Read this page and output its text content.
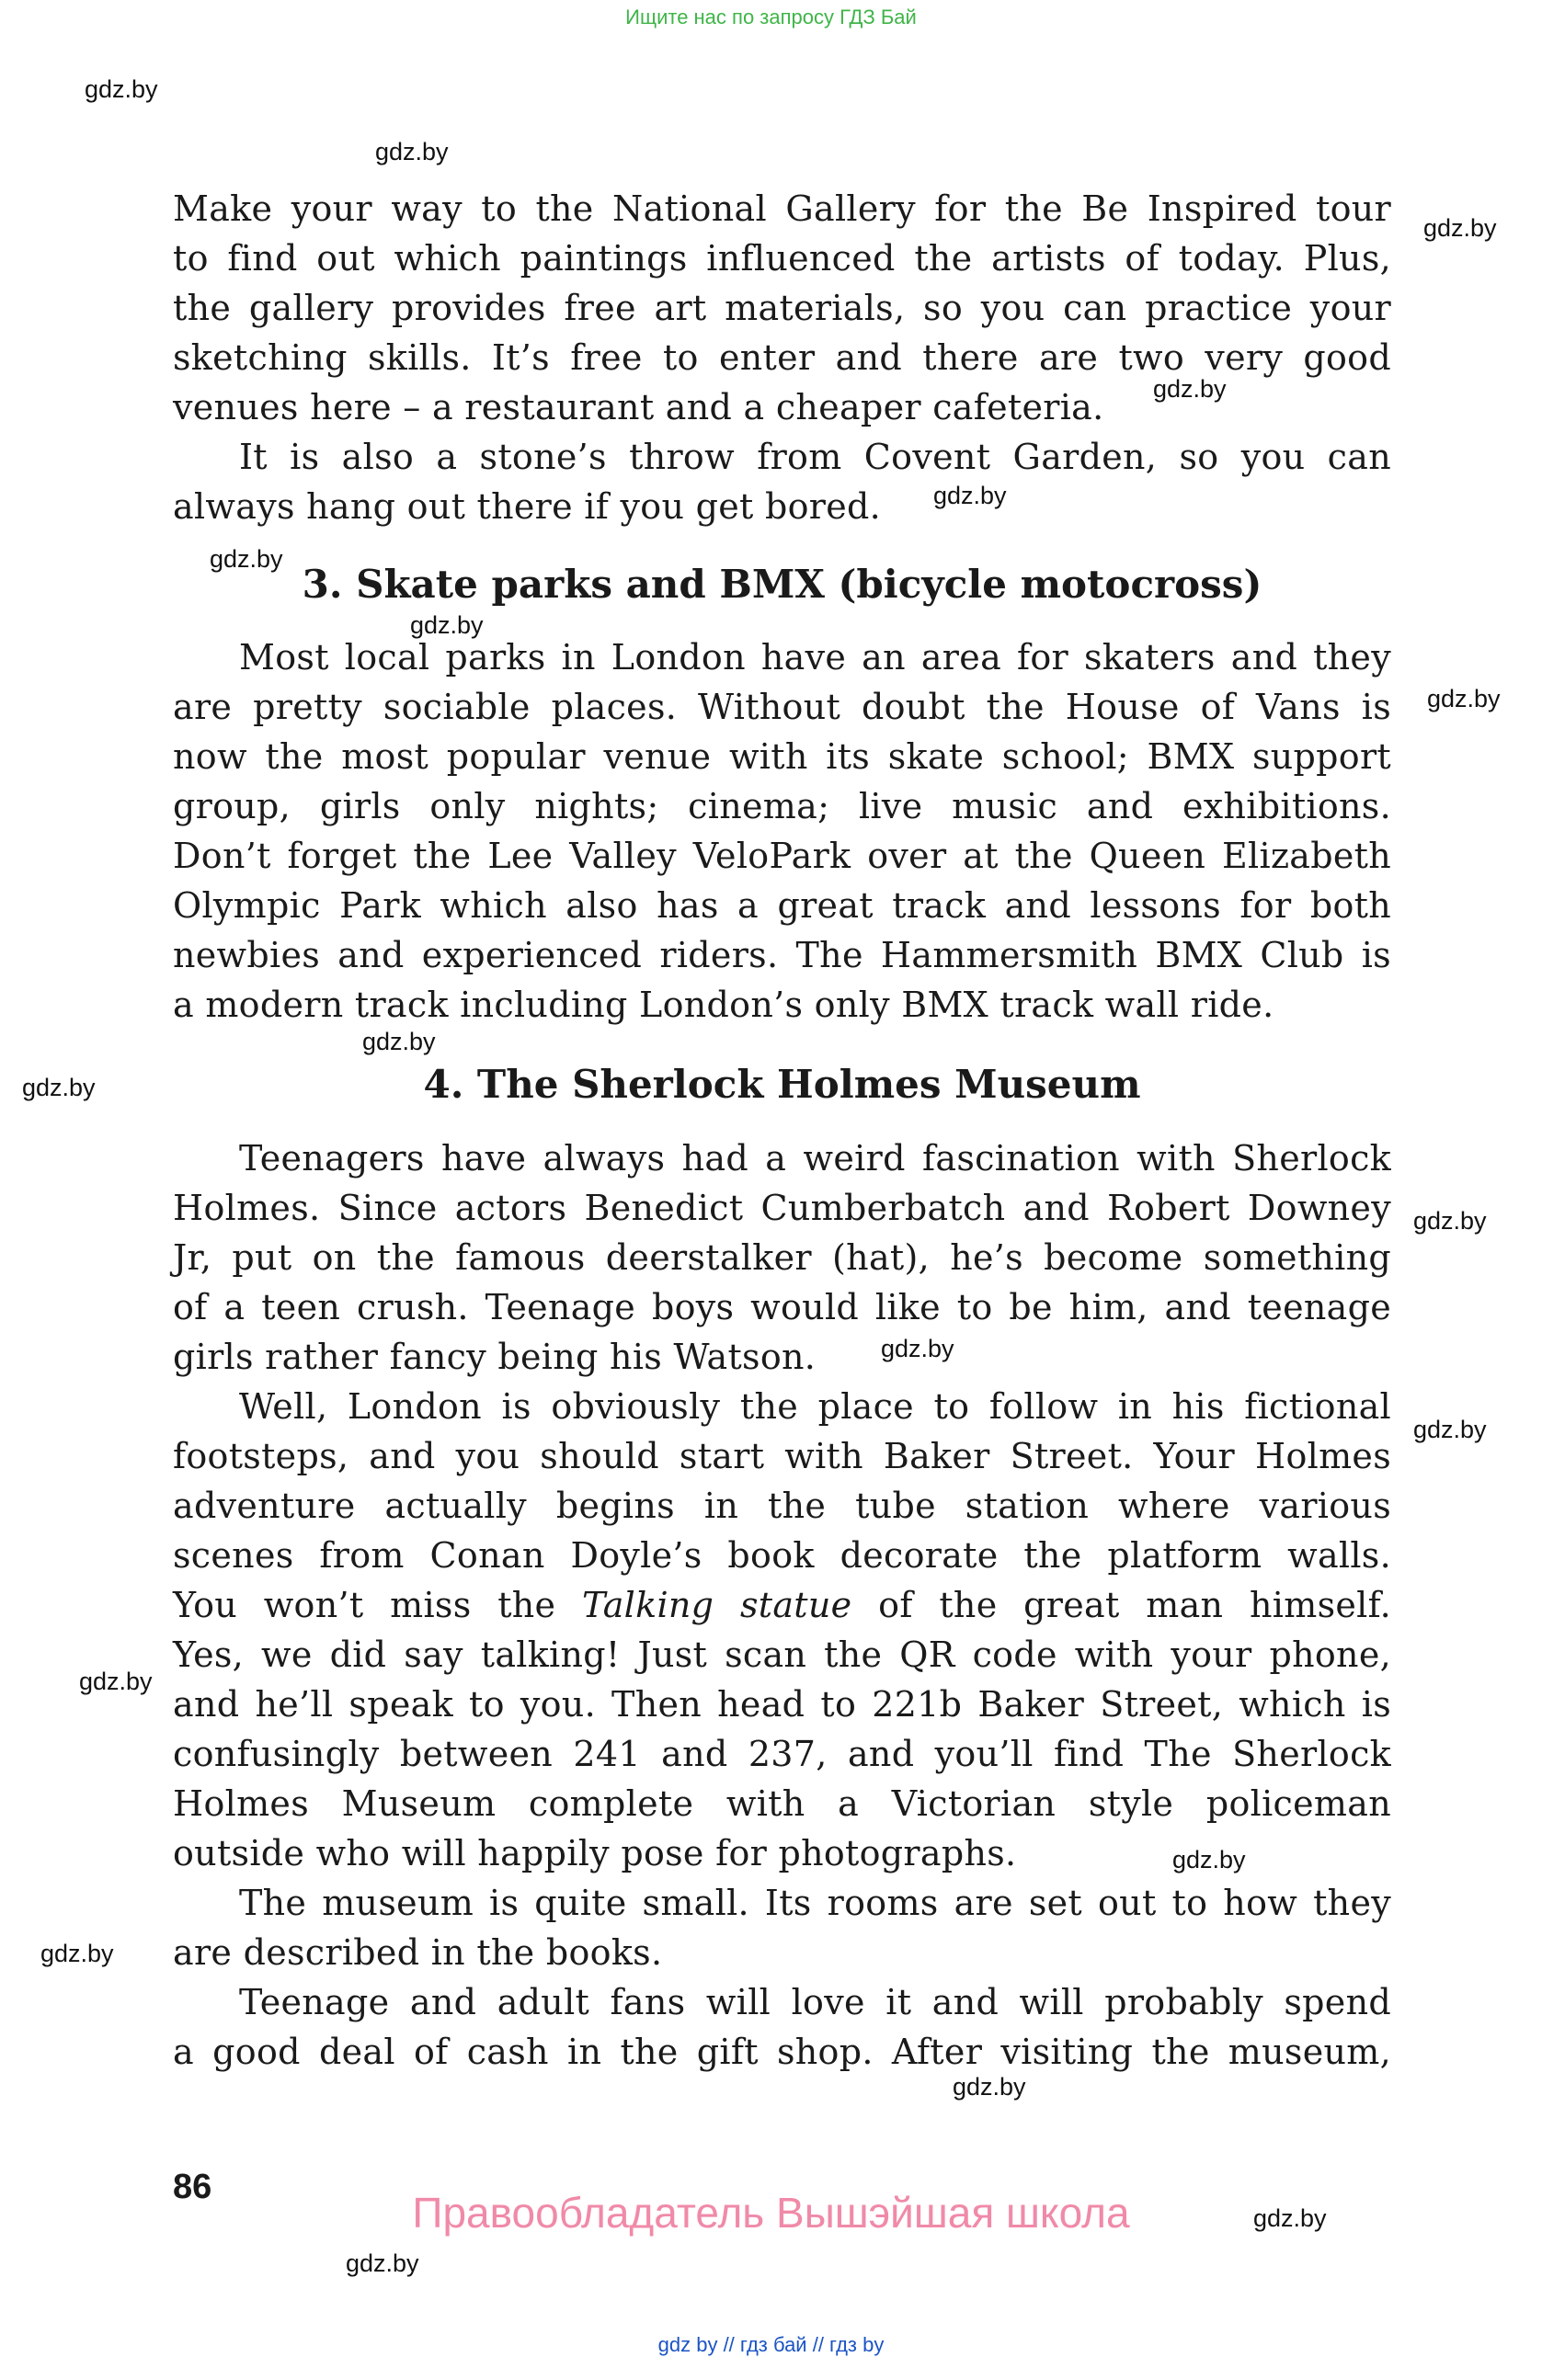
Ищите нас по запросу ГДЗ Бай
gdz.by
gdz.by
gdz.by
gdz.by
gdz.by
gdz.by
gdz.by
gdz.by
gdz.by
gdz.by
gdz.by
gdz.by
gdz.by
gdz.by
gdz.by
gdz.by
gdz.by
gdz.by
gdz.by
Make your way to the National Gallery for the Be Inspired tour
to find out which paintings influenced the artists of today. Plus,
the gallery provides free art materials, so you can practice your
sketching skills. It’s free to enter and there are two very good
venues here – a restaurant and a cheaper cafeteria.
It is also a stone’s throw from Covent Garden, so you can
always hang out there if you get bored.
3. Skate parks and BMX (bicycle motocross)
Most local parks in London have an area for skaters and they
are pretty sociable places. Without doubt the House of Vans is
now the most popular venue with its skate school; BMX support
group, girls only nights; cinema; live music and exhibitions.
Don’t forget the Lee Valley VeloPark over at the Queen Elizabeth
Olympic Park which also has a great track and lessons for both
newbies and experienced riders. The Hammersmith BMX Club is
a modern track including London’s only BMX track wall ride.
4. The Sherlock Holmes Museum
Teenagers have always had a weird fascination with Sherlock
Holmes. Since actors Benedict Cumberbatch and Robert Downey
Jr, put on the famous deerstalker (hat), he’s become something
of a teen crush. Teenage boys would like to be him, and teenage
girls rather fancy being his Watson.
Well, London is obviously the place to follow in his fictional
footsteps, and you should start with Baker Street. Your Holmes
adventure actually begins in the tube station where various
scenes from Conan Doyle’s book decorate the platform walls.
You won’t miss the Talking statue of the great man himself.
Yes, we did say talking! Just scan the QR code with your phone,
and he’ll speak to you. Then head to 221b Baker Street, which is
confusingly between 241 and 237, and you’ll find The Sherlock
Holmes Museum complete with a Victorian style policeman
outside who will happily pose for photographs.
The museum is quite small. Its rooms are set out to how they
are described in the books.
Teenage and adult fans will love it and will probably spend
a good deal of cash in the gift shop. After visiting the museum,
86
Правообладатель Вышэйшая школа
gdz by // гдз бай // гдз by
